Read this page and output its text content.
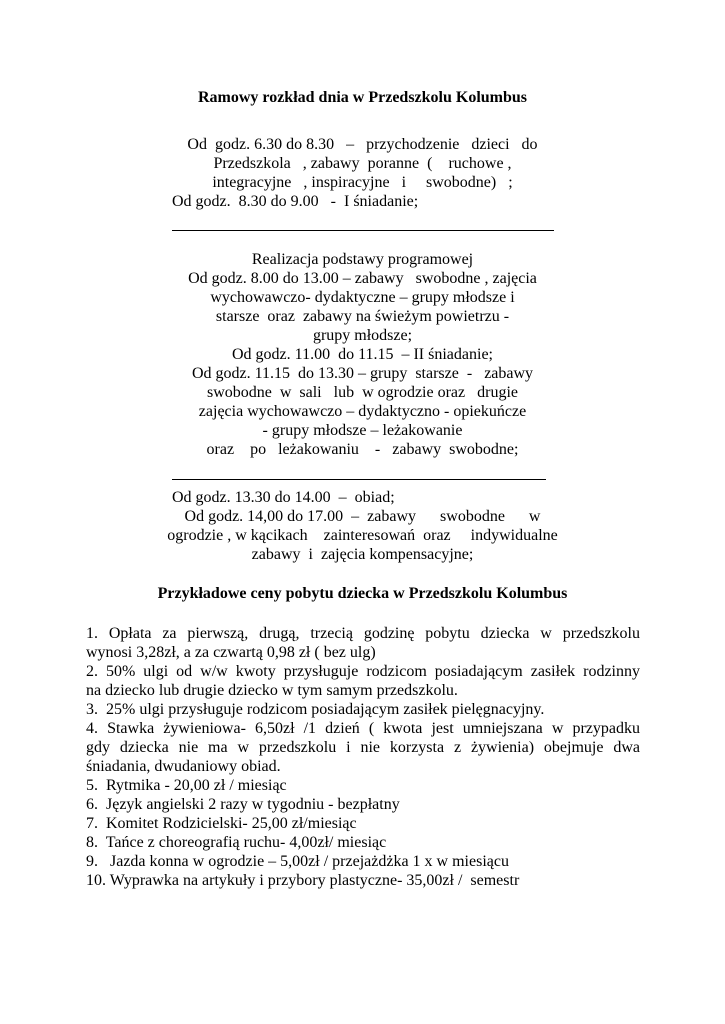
Ramowy rozkład dnia w Przedszkolu Kolumbus
Od  godz. 6.30 do 8.30   –   przychodzenie   dzieci   do
Przedszkola   , zabawy  poranne  (    ruchowe ,
integracyjne   , inspiracyjne   i     swobodne)   ;
Od godz.  8.30 do 9.00   -  I śniadanie;
Realizacja podstawy programowej
Od godz. 8.00 do 13.00 – zabawy   swobodne , zajęcia
wychowawczo- dydaktyczne – grupy młodsze i
starsze  oraz  zabawy na świeżym powietrzu -
grupy młodsze;
Od godz. 11.00  do 11.15  – II śniadanie;
Od godz. 11.15  do 13.30 – grupy  starsze  -   zabawy
swobodne  w  sali   lub  w ogrodzie oraz   drugie
zajęcia wychowawczo – dydaktyczno - opiekuńcze
- grupy młodsze – leżakowanie
oraz    po   leżakowaniu    -   zabawy  swobodne;
Od godz. 13.30 do 14.00  –  obiad;
Od godz. 14,00 do 17.00  –  zabawy      swobodne      w
ogrodzie , w kącikach    zainteresowań  oraz     indywidualne
zabawy  i  zajęcia kompensacyjne;
Przykładowe ceny pobytu dziecka w Przedszkolu Kolumbus
1. Opłata za pierwszą, drugą, trzecią godzinę pobytu dziecka w przedszkolu
wynosi 3,28zł, a za czwartą 0,98 zł ( bez ulg)
2. 50% ulgi od w/w kwoty przysługuje rodzicom posiadającym zasiłek rodzinny
na dziecko lub drugie dziecko w tym samym przedszkolu.
3.  25% ulgi przysługuje rodzicom posiadającym zasiłek pielęgnacyjny.
4. Stawka żywieniowa- 6,50zł /1 dzień ( kwota jest umniejszana w przypadku
gdy dziecka nie ma w przedszkolu i nie korzysta z żywienia) obejmuje dwa
śniadania, dwudaniowy obiad.
5.  Rytmika - 20,00 zł / miesiąc
6.  Język angielski 2 razy w tygodniu - bezpłatny
7.  Komitet Rodzicielski- 25,00 zł/miesiąc
8.  Tańce z choreografią ruchu- 4,00zł/ miesiąc
9.   Jazda konna w ogrodzie – 5,00zł / przejażdżka 1 x w miesiącu
10. Wyprawka na artykuły i przybory plastyczne- 35,00zł /  semestr
